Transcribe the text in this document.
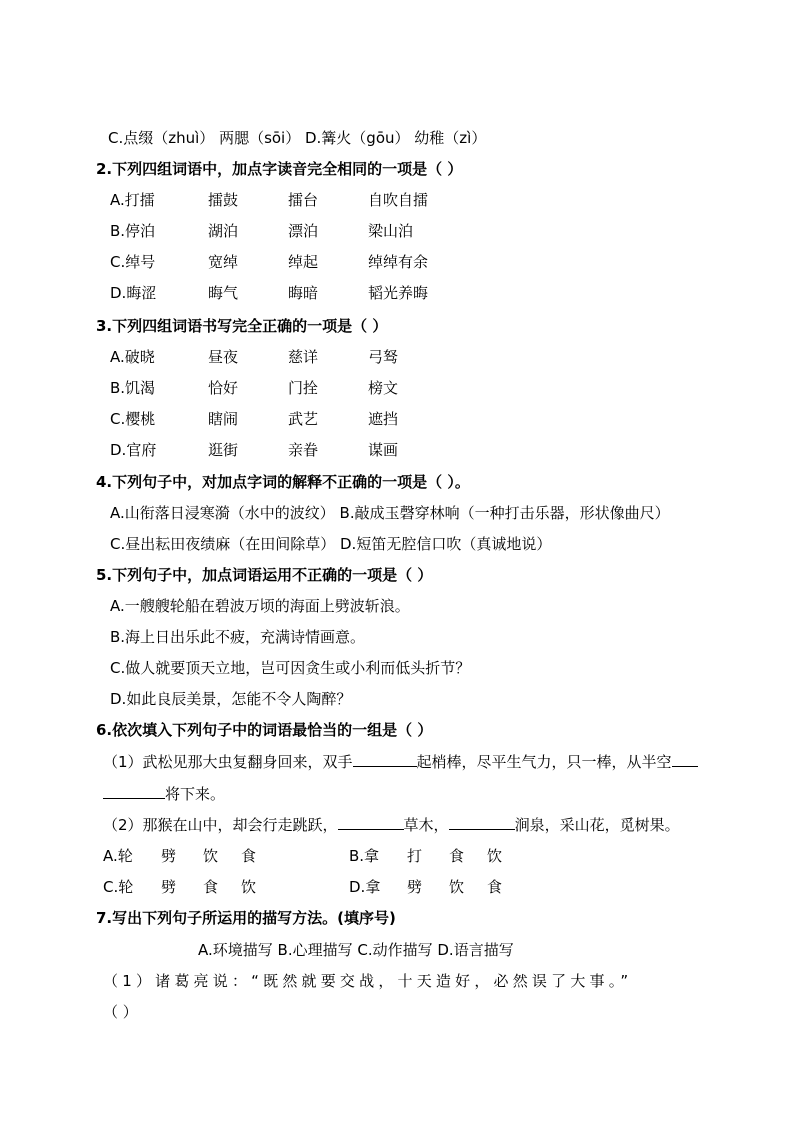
C.点缀（zhuì） 两腮（sōi） D.篝火（gōu） 幼稚（zì）
2.下列四组词语中，加点字读音完全相同的一项是（ ）
A.打擂	擂鼓	擂台	自吹自擂
B.停泊	湖泊	漂泊	梁山泊
C.绰号	宽绰	绰起	绰绰有余
D.晦涩	晦气	晦暗	韬光养晦
3.下列四组词语书写完全正确的一项是（ ）
A.破晓	昼夜	慈详	弓驽
B.饥渴	恰好	门拴	榜文
C.樱桃	瞎闹	武艺	遮挡
D.官府	逛街	亲眷	谋画
4.下列句子中，对加点字词的解释不正确的一项是（ ）。
A.山衔落日浸寒漪（水中的波纹） B.敲成玉磬穿林响（一种打击乐器，形状像曲尺）
C.昼出耘田夜绩麻（在田间除草） D.短笛无腔信口吹（真诚地说）
5.下列句子中，加点词语运用不正确的一项是（ ）
A.一艘艘轮船在碧波万顷的海面上劈波斩浪。
B.海上日出乐此不疲，充满诗情画意。
C.做人就要顶天立地，岂可因贪生或小利而低头折节？
D.如此良辰美景，怎能不令人陶醉？
6.依次填入下列句子中的词语最恰当的一组是（ ）
（1）武松见那大虫复翻身回来，双手	起梢棒，尽平生气力，只一棒，从半空
将下来。
（2）那猴在山中，却会行走跳跃，	草木，	涧泉，采山花，觅树果。
A.轮 劈 饮 食	B.拿 打 食 饮
C.轮 劈 食 饮	D.拿 劈 饮 食
7.写出下列句子所运用的描写方法。(填序号)
A.环境描写 B.心理描写 C.动作描写 D.语言描写
（1）诸葛亮说：“既然就要交战，十天造好，必然误了大事。”
（ ）
